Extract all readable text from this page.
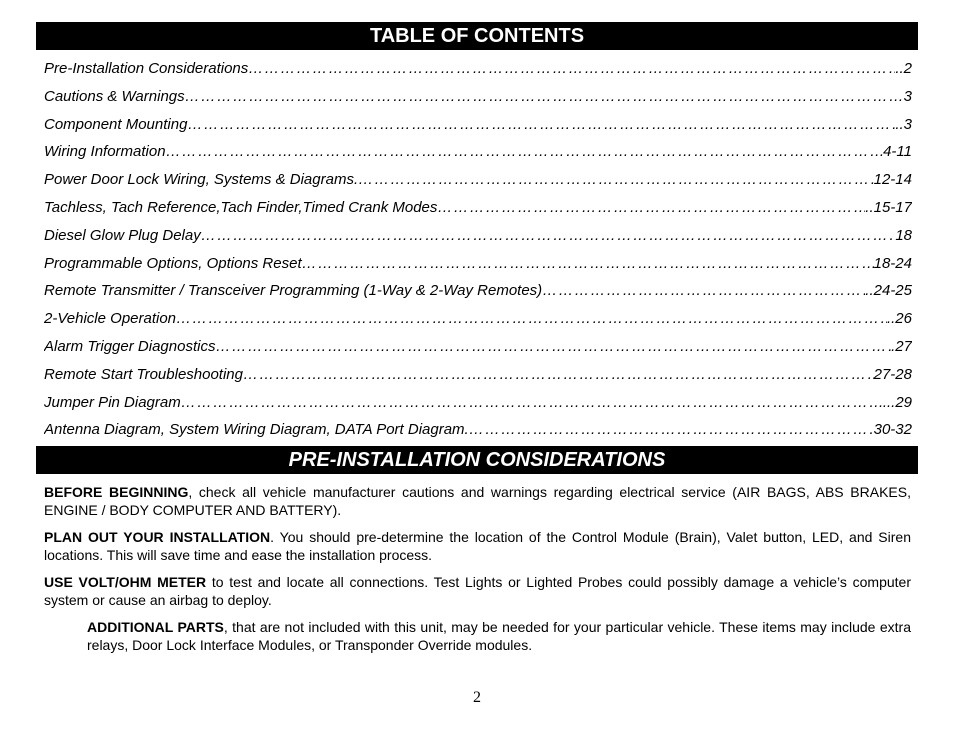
TABLE OF CONTENTS
Pre-Installation Considerations ……………………………………………………………………………………………………………………………………………………………………………………………………	..2
Cautions & Warnings ……………………………………………………………………………………………………………………………………………………………………………………………………	3
Component Mounting ……………………………………………………………………………………………………………………………………………………………………………………………………	..3
Wiring Information ……………………………………………………………………………………………………………………………………………………………………………………………………	4-11
Power Door Lock Wiring, Systems & Diagrams. ……………………………………………………………………………………………………………………………………………………………………………………………………	12-14
Tachless, Tach Reference,Tach Finder,Timed Crank Modes ……………………………………………………………………………………………………………………………………………………………………………………………………	..15-17
Diesel Glow Plug Delay ……………………………………………………………………………………………………………………………………………………………………………………………………	18
Programmable Options, Options Reset ……………………………………………………………………………………………………………………………………………………………………………………………………	18-24
Remote Transmitter / Transceiver Programming (1-Way & 2-Way Remotes) ……………………………………………………………………………………………………………………………………………………………………………………………………	..24-25
2-Vehicle Operation ……………………………………………………………………………………………………………………………………………………………………………………………………	..26
Alarm Trigger Diagnostics ……………………………………………………………………………………………………………………………………………………………………………………………………	.27
Remote Start Troubleshooting ……………………………………………………………………………………………………………………………………………………………………………………………………	27-28
Jumper Pin Diagram ……………………………………………………………………………………………………………………………………………………………………………………………………	...29
Antenna Diagram, System Wiring Diagram, DATA Port Diagram. ……………………………………………………………………………………………………………………………………………………………………………………………………	.30-32
PRE-INSTALLATION CONSIDERATIONS

BEFORE BEGINNING, check all vehicle manufacturer cautions and warnings regarding electrical service (AIR BAGS, ABS BRAKES, ENGINE / BODY COMPUTER AND BATTERY).

PLAN OUT YOUR INSTALLATION. You should pre-determine the location of the Control Module (Brain), Valet button, LED, and Siren locations. This will save time and ease the installation process.

USE VOLT/OHM METER to test and locate all connections. Test Lights or Lighted Probes could possibly damage a vehicle’s computer system or cause an airbag to deploy.

ADDITIONAL PARTS, that are not included with this unit, may be needed for your particular vehicle. These items may include extra relays, Door Lock Interface Modules, or Transponder Override modules.

2
